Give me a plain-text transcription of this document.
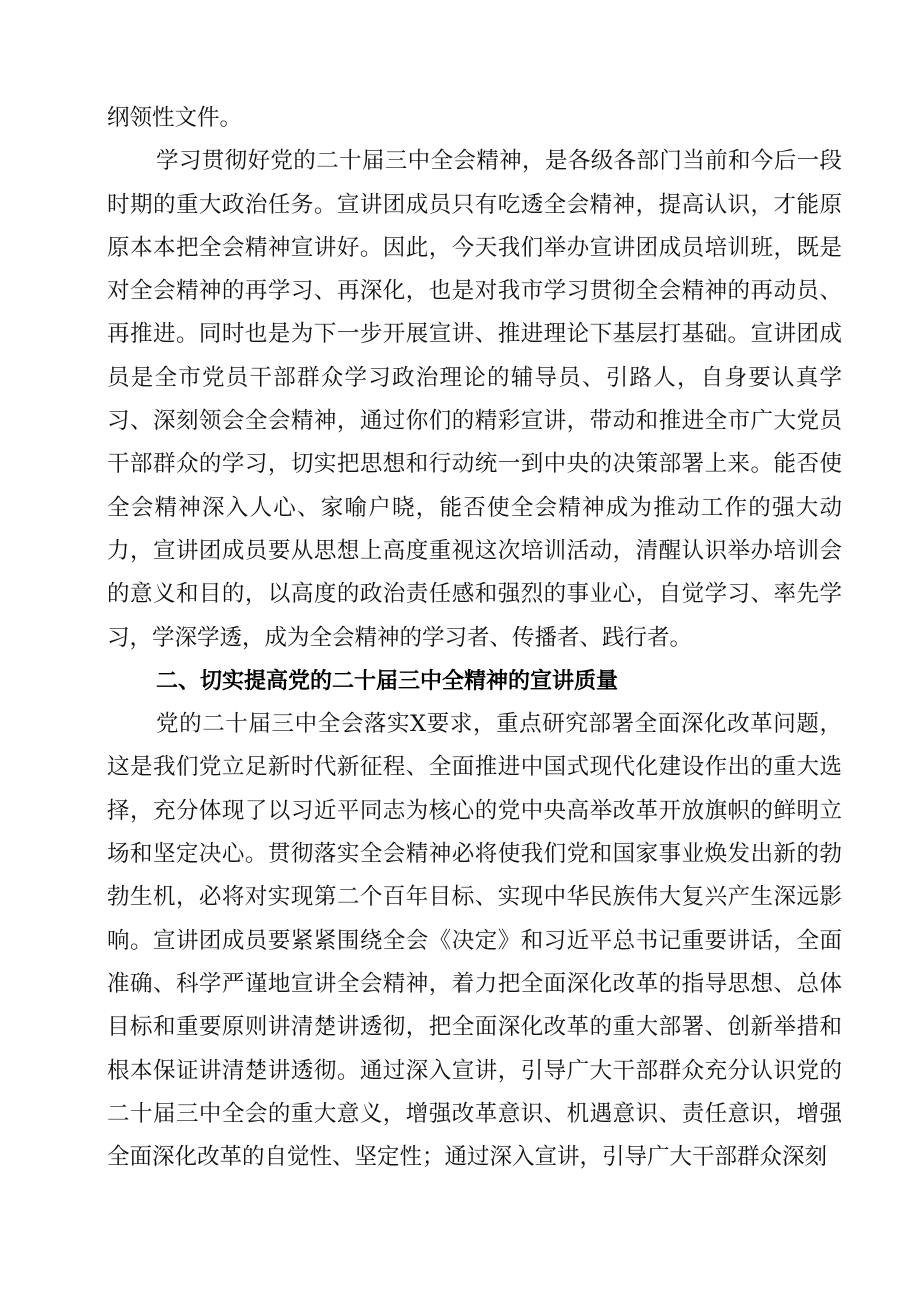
纲领性文件。

学习贯彻好党的二十届三中全会精神，是各级各部门当前和今后一段时期的重大政治任务。宣讲团成员只有吃透全会精神，提高认识，才能原原本本把全会精神宣讲好。因此，今天我们举办宣讲团成员培训班，既是对全会精神的再学习、再深化，也是对我市学习贯彻全会精神的再动员、再推进。同时也是为下一步开展宣讲、推进理论下基层打基础。宣讲团成员是全市党员干部群众学习政治理论的辅导员、引路人，自身要认真学习、深刻领会全会精神，通过你们的精彩宣讲，带动和推进全市广大党员干部群众的学习，切实把思想和行动统一到中央的决策部署上来。能否使全会精神深入人心、家喻户晓，能否使全会精神成为推动工作的强大动力，宣讲团成员要从思想上高度重视这次培训活动，清醒认识举办培训会的意义和目的，以高度的政治责任感和强烈的事业心，自觉学习、率先学习，学深学透，成为全会精神的学习者、传播者、践行者。

二、切实提高党的二十届三中全精神的宣讲质量

党的二十届三中全会落实X要求，重点研究部署全面深化改革问题，这是我们党立足新时代新征程、全面推进中国式现代化建设作出的重大选择，充分体现了以习近平同志为核心的党中央高举改革开放旗帜的鲜明立场和坚定决心。贯彻落实全会精神必将使我们党和国家事业焕发出新的勃勃生机，必将对实现第二个百年目标、实现中华民族伟大复兴产生深远影响。宣讲团成员要紧紧围绕全会《决定》和习近平总书记重要讲话，全面准确、科学严谨地宣讲全会精神，着力把全面深化改革的指导思想、总体目标和重要原则讲清楚讲透彻，把全面深化改革的重大部署、创新举措和根本保证讲清楚讲透彻。通过深入宣讲，引导广大干部群众充分认识党的二十届三中全会的重大意义，增强改革意识、机遇意识、责任意识，增强全面深化改革的自觉性、坚定性；通过深入宣讲，引导广大干部群众深刻
